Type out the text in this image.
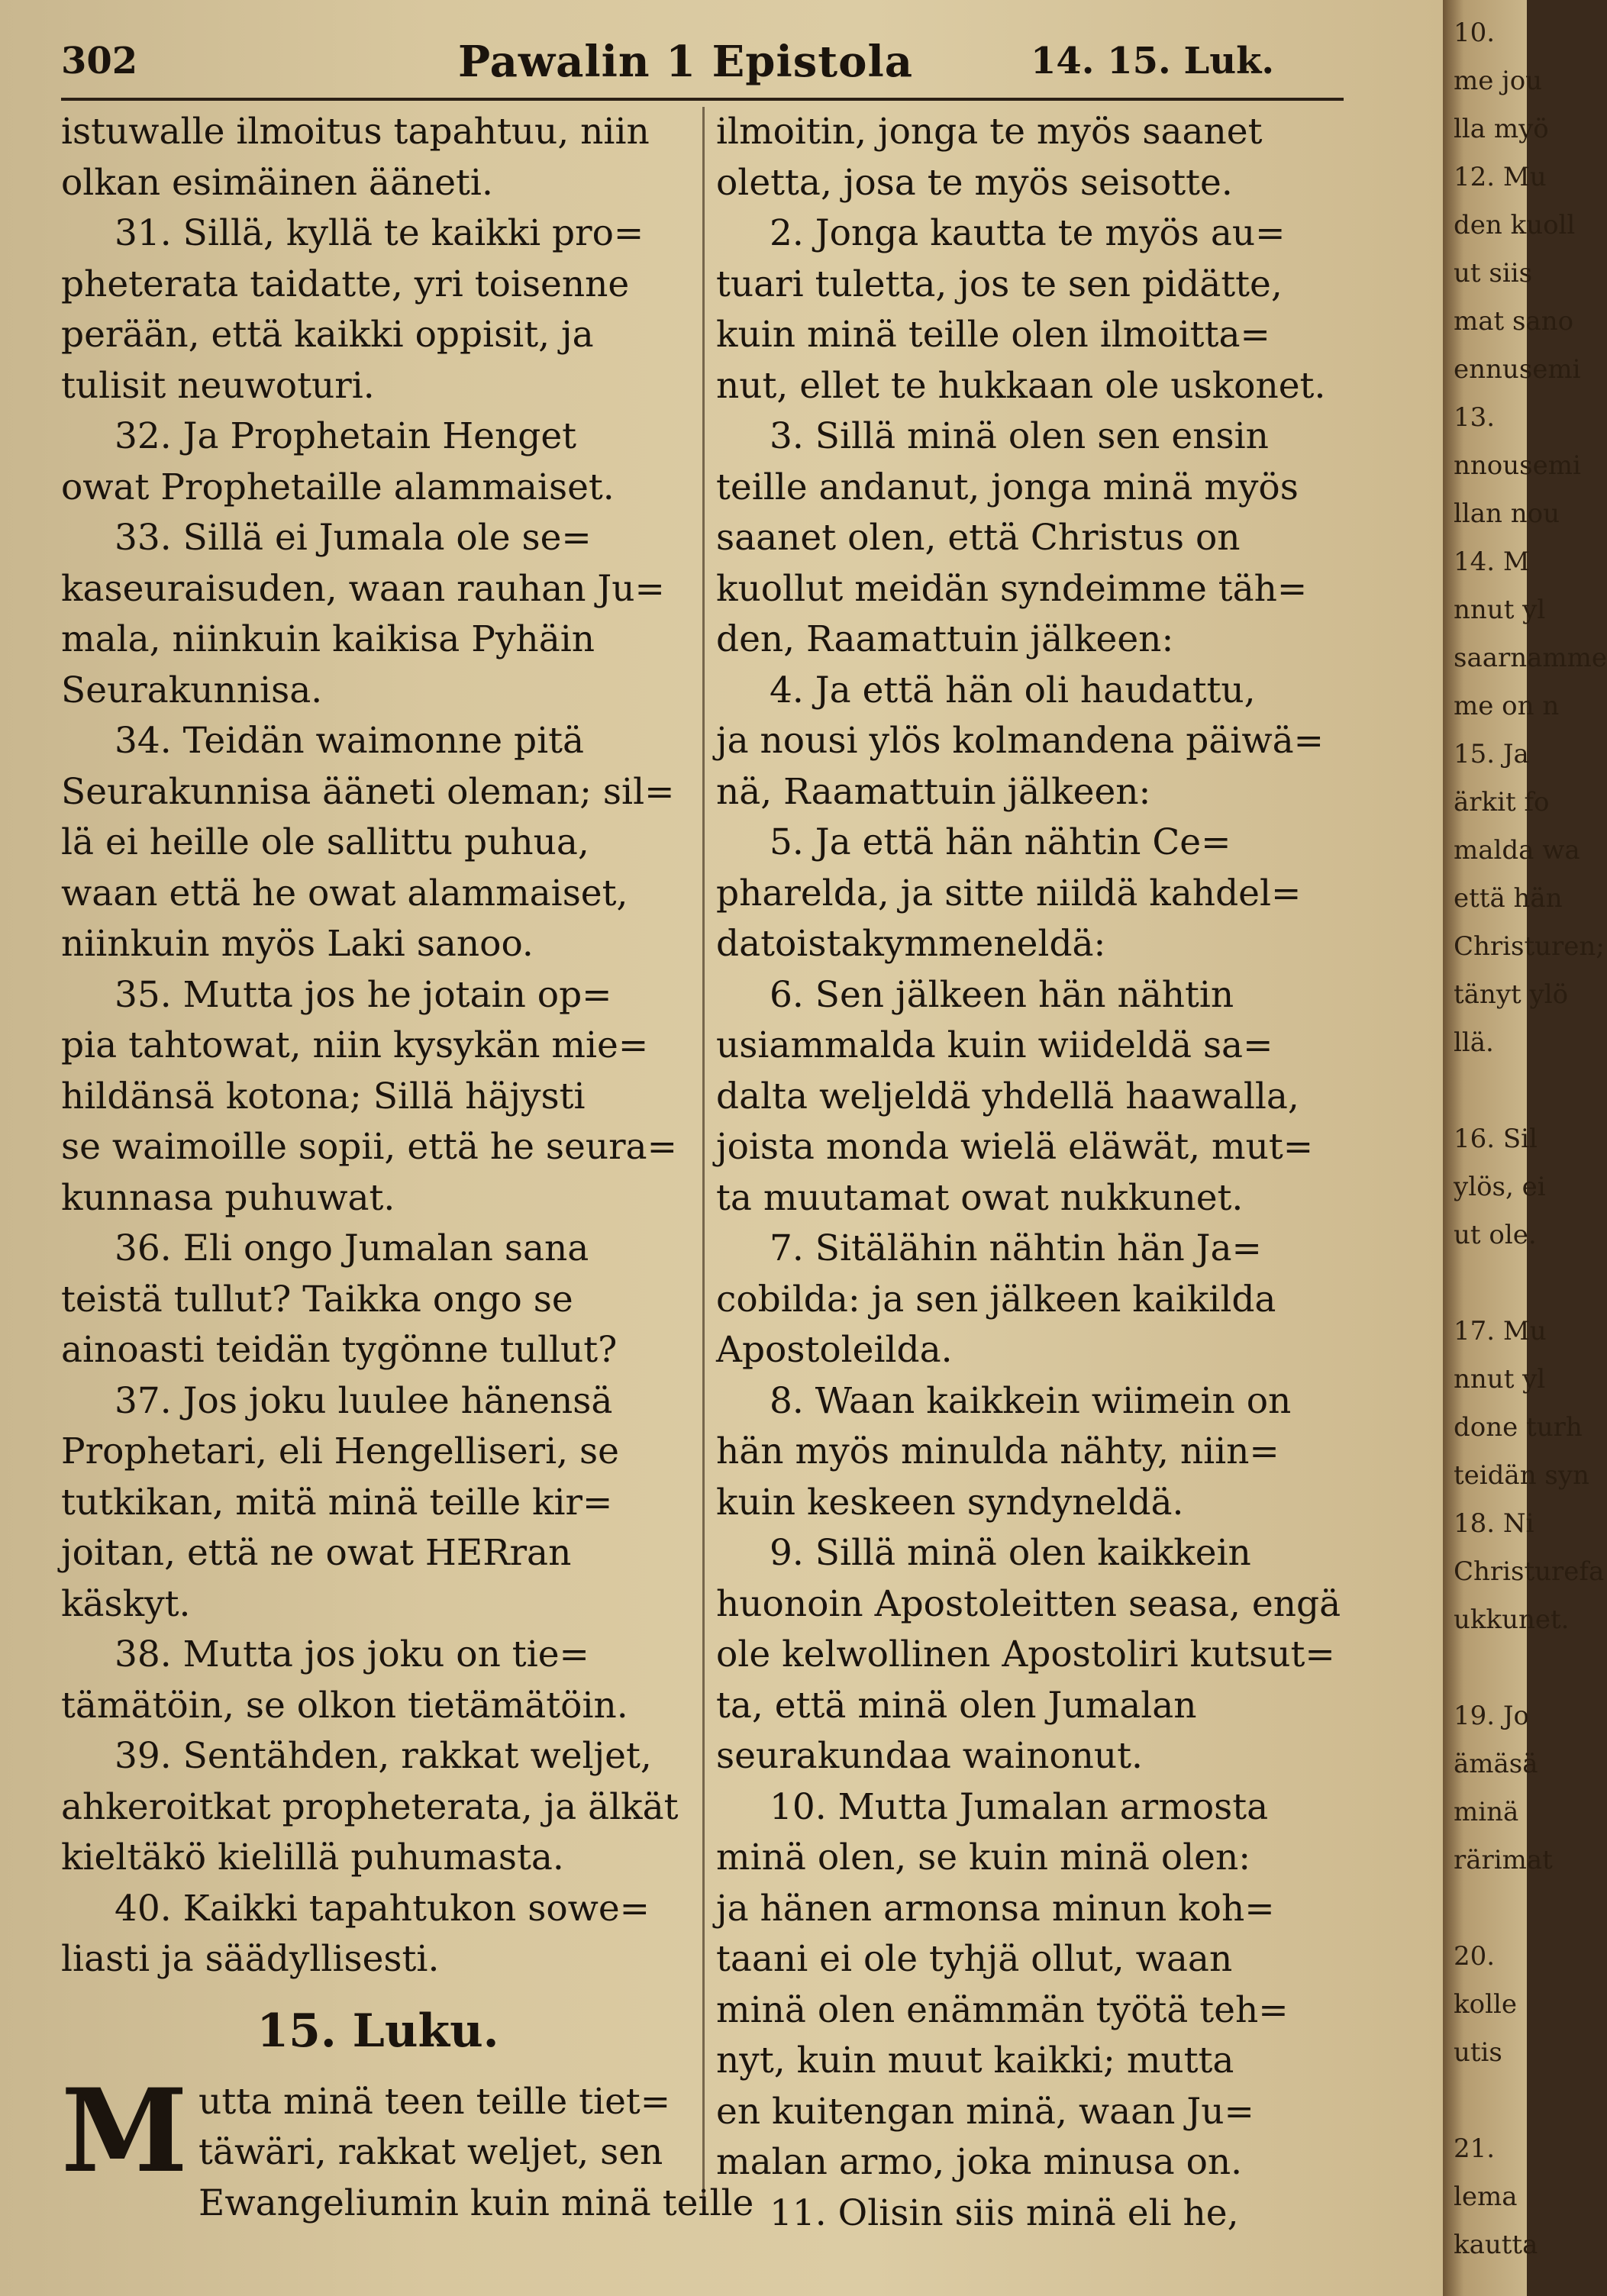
302	Pawalin 1 Epistola	14. 15. Luk.
istuwalle ilmoitus tapahtuu, niin
olkan esimäinen ääneti.
31. Sillä, kyllä te kaikki pro=
pheterata taidatte, yri toisenne
perään, että kaikki oppisit, ja
tulisit neuwoturi.
32. Ja Prophetain Henget
owat Prophetaille alammaiset.
33. Sillä ei Jumala ole se=
kaseuraisuden, waan rauhan Ju=
mala, niinkuin kaikisa Pyhäin
Seurakunnisa.
34. Teidän waimonne pitä
Seurakunnisa ääneti oleman; sil=
lä ei heille ole sallittu puhua,
waan että he owat alammaiset,
niinkuin myös Laki sanoo.
35. Mutta jos he jotain op=
pia tahtowat, niin kysykän mie=
hildänsä kotona; Sillä häjysti
se waimoille sopii, että he seura=
kunnasa puhuwat.
36. Eli ongo Jumalan sana
teistä tullut? Taikka ongo se
ainoasti teidän tygönne tullut?
37. Jos joku luulee hänensä
Prophetari, eli Hengelliseri, se
tutkikan, mitä minä teille kir=
joitan, että ne owat HERran
käskyt.
38. Mutta jos joku on tie=
tämätöin, se olkon tietämätöin.
39. Sentähden, rakkat weljet,
ahkeroitkat propheterata, ja älkät
kieltäkö kielillä puhumasta.
40. Kaikki tapahtukon sowe=
liasti ja säädyllisesti.
15. Luku.
M utta minä teen teille tiet=
täwäri, rakkat weljet, sen
Ewangeliumin kuin minä teille
ilmoitin, jonga te myös saanet
oletta, josa te myös seisotte.
2. Jonga kautta te myös au=
tuari tuletta, jos te sen pidätte,
kuin minä teille olen ilmoitta=
nut, ellet te hukkaan ole uskonet.
3. Sillä minä olen sen ensin
teille andanut, jonga minä myös
saanet olen, että Christus on
kuollut meidän syndeimme täh=
den, Raamattuin jälkeen:
4. Ja että hän oli haudattu,
ja nousi ylös kolmandena päiwä=
nä, Raamattuin jälkeen:
5. Ja että hän nähtin Ce=
pharelda, ja sitte niildä kahdel=
datoistakymmeneldä:
6. Sen jälkeen hän nähtin
usiammalda kuin wiideldä sa=
dalta weljeldä yhdellä haawalla,
joista monda wielä eläwät, mut=
ta muutamat owat nukkunet.
7. Sitälähin nähtin hän Ja=
cobilda: ja sen jälkeen kaikilda
Apostoleilda.
8. Waan kaikkein wiimein on
hän myös minulda nähty, niin=
kuin keskeen syndyneldä.
9. Sillä minä olen kaikkein
huonoin Apostoleitten seasa, engä
ole kelwollinen Apostoliri kutsut=
ta, että minä olen Jumalan
seurakundaa wainonut.
10. Mutta Jumalan armosta
minä olen, se kuin minä olen:
ja hänen armonsa minun koh=
taani ei ole tyhjä ollut, waan
minä olen enämmän työtä teh=
nyt, kuin muut kaikki; mutta
en kuitengan minä, waan Ju=
malan armo, joka minusa on.
11. Olisin siis minä eli he,
10.
me jou
lla myö
12. Mu
den kuoll
ut siis
mat sano
ennusemi
13.
nnousemi
llan nou
14. M
nnut yl
saarnamme
me on n
15. Ja
ärkit fo
malda wa
että hän
Christuren;
tänyt ylö
llä.
16. Sil
ylös, ei
ut ole.
17. Mu
nnut yl
done turh
teidän syn
18. Ni
Christurefa
ukkunet.
19. Jo
ämäsä
minä
rärimat
20.
kolle
utis
21.
lema
kautta
